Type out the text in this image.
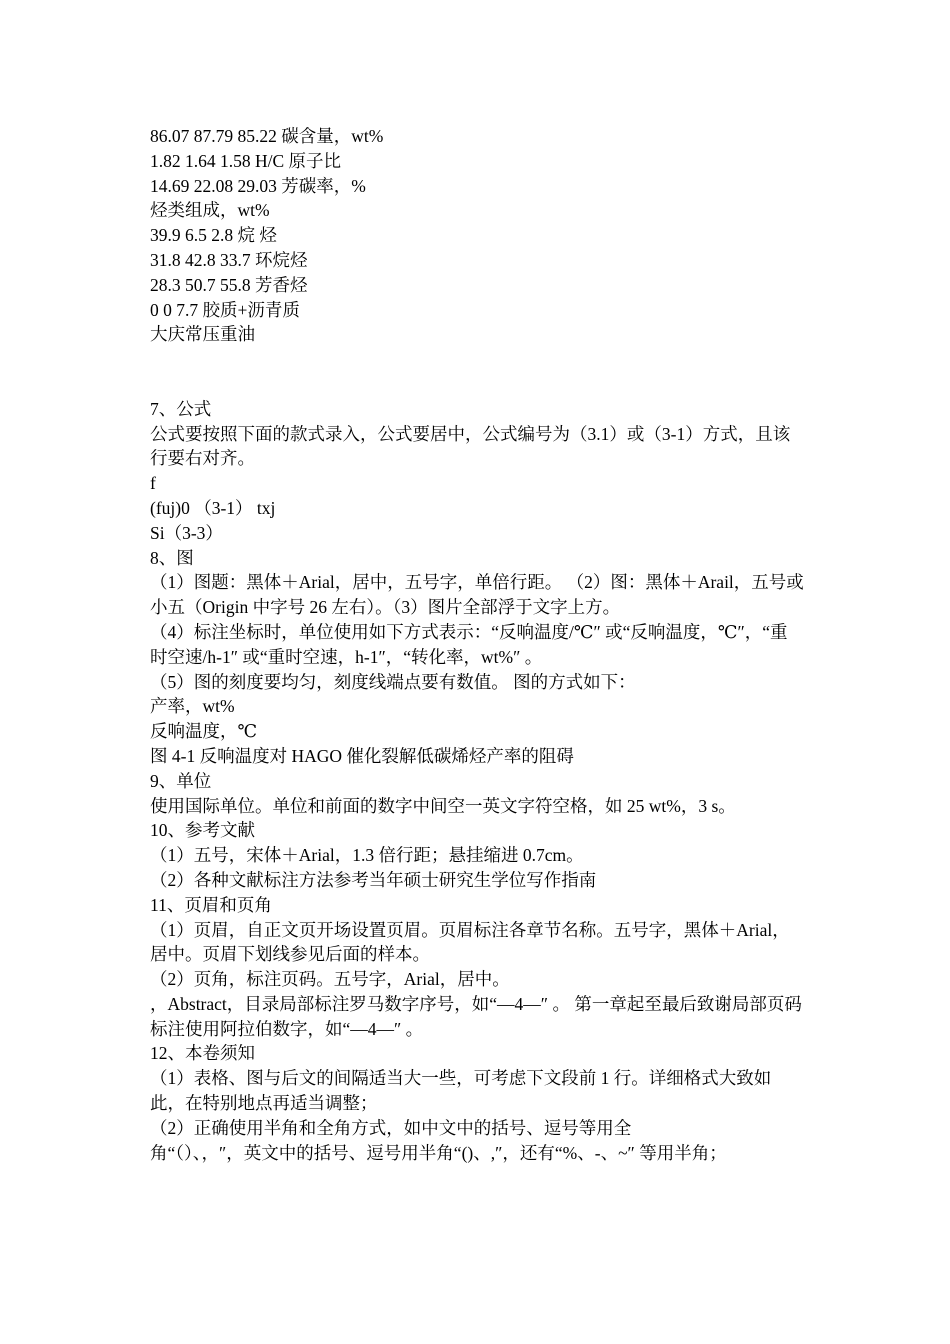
86.07 87.79 85.22 碳含量，wt%
1.82 1.64 1.58 H/C 原子比
14.69 22.08 29.03 芳碳率，%
烃类组成，wt%
39.9 6.5 2.8 烷 烃
31.8 42.8 33.7 环烷烃
28.3 50.7 55.8 芳香烃
0 0 7.7 胶质+沥青质
大庆常压重油
7、公式
公式要按照下面的款式录入，公式要居中，公式编号为（3.1）或（3-1）方式，且该行要右对齐。
f
(fuj)0 （3-1） txj
Si（3-3）
8、图
（1）图题：黑体＋Arial，居中，五号字，单倍行距。 （2）图：黑体＋Arail，五号或小五（Origin 中字号 26 左右）。（3）图片全部浮于文字上方。
（4）标注坐标时，单位使用如下方式表示：“反响温度/℃″ 或“反响温度，℃″，“重时空速/h-1″ 或“重时空速，h-1″，“转化率，wt%″ 。
（5）图的刻度要均匀，刻度线端点要有数值。 图的方式如下：
产率，wt%
反响温度，℃
图 4-1 反响温度对 HAGO 催化裂解低碳烯烃产率的阻碍
9、单位
使用国际单位。单位和前面的数字中间空一英文字符空格，如 25 wt%，3 s。
10、参考文献
（1）五号，宋体＋Arial，1.3 倍行距；悬挂缩进 0.7cm。
（2）各种文献标注方法参考当年硕士研究生学位写作指南
11、页眉和页角
（1）页眉，自正文页开场设置页眉。页眉标注各章节名称。五号字，黑体＋Arial，居中。页眉下划线参见后面的样本。
（2）页角，标注页码。五号字，Arial，居中。
，Abstract，目录局部标注罗马数字序号，如“—4—″ 。 第一章起至最后致谢局部页码标注使用阿拉伯数字，如“—4—″ 。
12、本卷须知
（1）表格、图与后文的间隔适当大一些，可考虑下文段前 1 行。详细格式大致如此，在特别地点再适当调整；
（2）正确使用半角和全角方式，如中文中的括号、逗号等用全
角“（）、，″，英文中的括号、逗号用半角“()、,″，还有“%、-、~″ 等用半角；
